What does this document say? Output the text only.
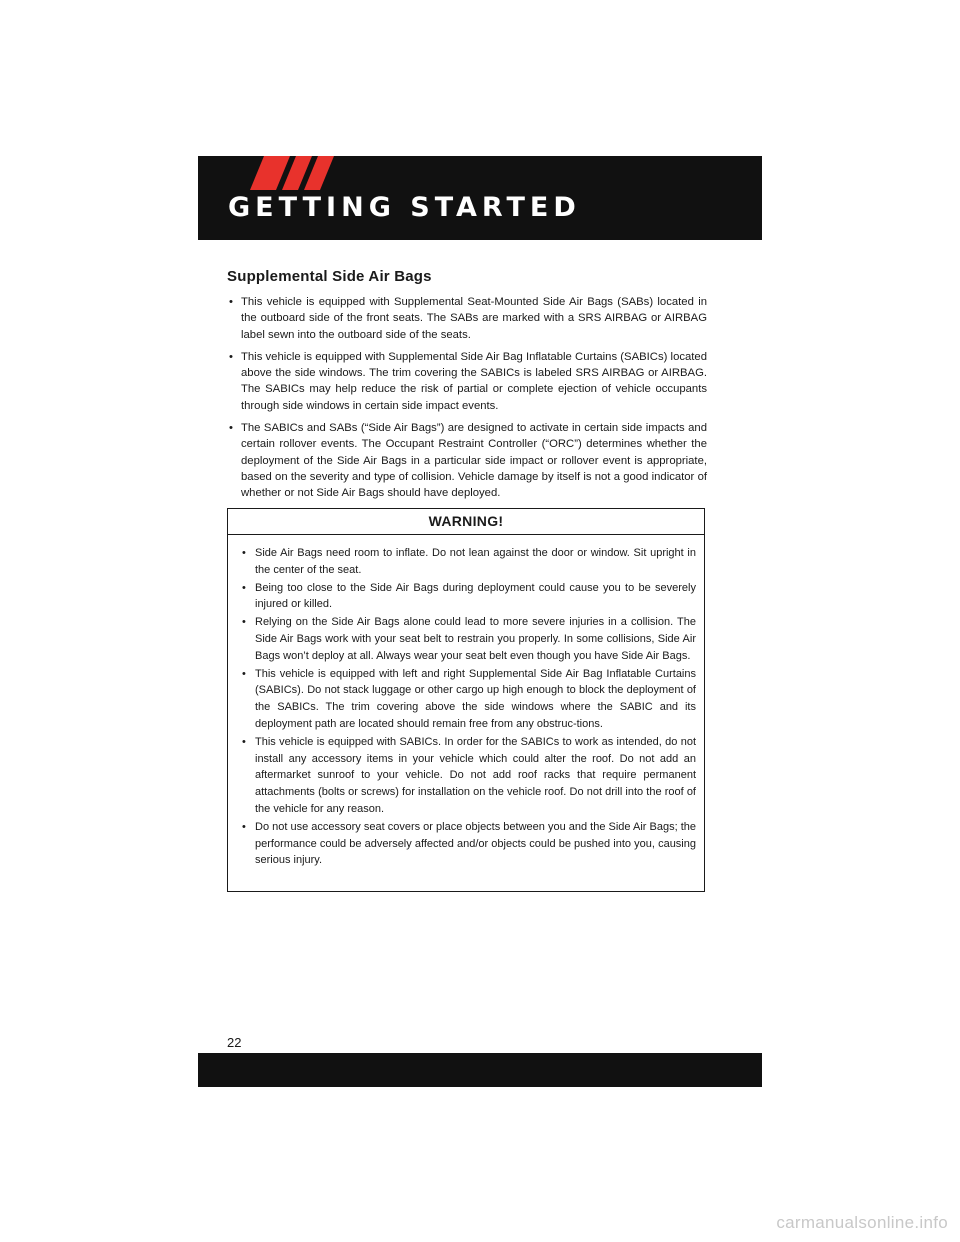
GETTING STARTED
Supplemental Side Air Bags
• This vehicle is equipped with Supplemental Seat-Mounted Side Air Bags (SABs) located in the outboard side of the front seats. The SABs are marked with a SRS AIRBAG or AIRBAG label sewn into the outboard side of the seats.
• This vehicle is equipped with Supplemental Side Air Bag Inflatable Curtains (SABICs) located above the side windows. The trim covering the SABICs is labeled SRS AIRBAG or AIRBAG. The SABICs may help reduce the risk of partial or complete ejection of vehicle occupants through side windows in certain side impact events.
• The SABICs and SABs (“Side Air Bags”) are designed to activate in certain side impacts and certain rollover events. The Occupant Restraint Controller (“ORC”) determines whether the deployment of the Side Air Bags in a particular side impact or rollover event is appropriate, based on the severity and type of collision. Vehicle damage by itself is not a good indicator of whether or not Side Air Bags should have deployed.
WARNING!
• Side Air Bags need room to inflate. Do not lean against the door or window. Sit upright in the center of the seat.
• Being too close to the Side Air Bags during deployment could cause you to be severely injured or killed.
• Relying on the Side Air Bags alone could lead to more severe injuries in a collision. The Side Air Bags work with your seat belt to restrain you properly. In some collisions, Side Air Bags won’t deploy at all. Always wear your seat belt even though you have Side Air Bags.
• This vehicle is equipped with left and right Supplemental Side Air Bag Inflatable Curtains (SABICs). Do not stack luggage or other cargo up high enough to block the deployment of the SABICs. The trim covering above the side windows where the SABIC and its deployment path are located should remain free from any obstruc-tions.
• This vehicle is equipped with SABICs. In order for the SABICs to work as intended, do not install any accessory items in your vehicle which could alter the roof. Do not add an aftermarket sunroof to your vehicle. Do not add roof racks that require permanent attachments (bolts or screws) for installation on the vehicle roof. Do not drill into the roof of the vehicle for any reason.
• Do not use accessory seat covers or place objects between you and the Side Air Bags; the performance could be adversely affected and/or objects could be pushed into you, causing serious injury.
22
carmanualsonline.info
